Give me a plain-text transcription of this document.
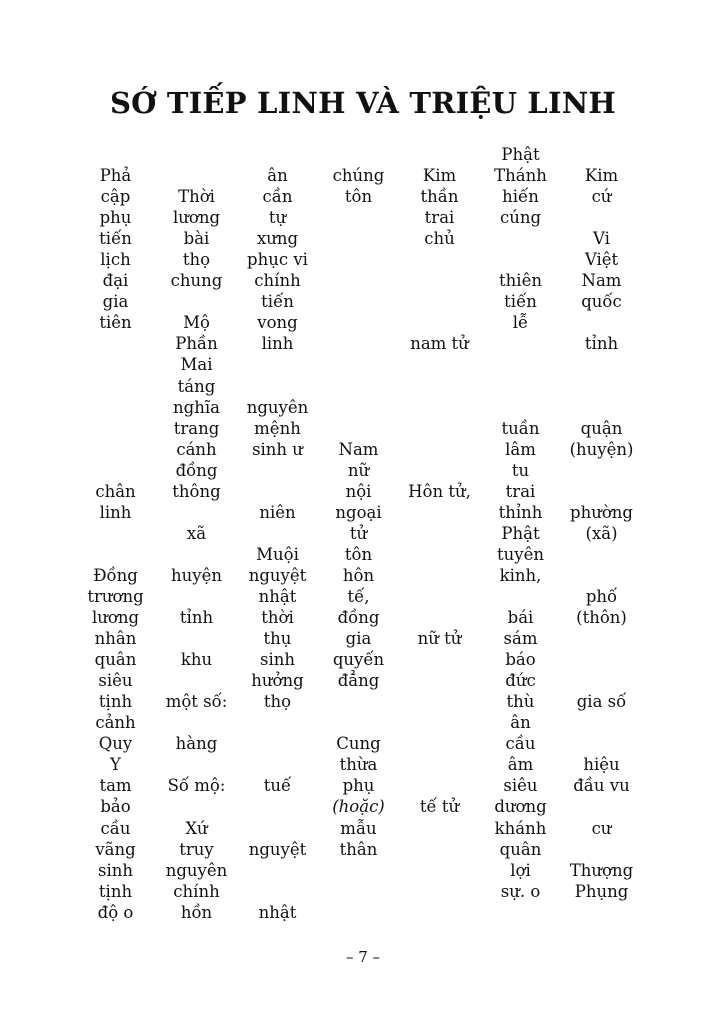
SỚ TIẾP LINH VÀ TRIỆU LINH
Phả
cập
phụ
tiến
lịch
đại
gia
tiên
chân
linh
Đồng
trương
lương
nhân
quân
siêu
tịnh
cảnh
Quy
Y
tam
bảo
cầu
vãng
sinh
tịnh
độ o
Thời
lương
bài
thọ
chung
Mộ
Phần
Mai
táng
nghĩa
trang
cánh
đồng
thông
xã
huyện
tỉnh
khu
một số:
hàng
Số mộ:
Xứ
truy
nguyên
chính
hồn
ân
cần
tự
xưng
phục vi
chính
tiến
vong
linh
nguyên
mệnh
sinh ư
niên
Muội
nguyệt
nhật
thời
thụ
sinh
hưởng
thọ
tuế
nguyệt
nhật
chúng
tôn
Nam
nữ
nội
ngoại
tử
tôn
hôn
tế,
đồng
gia
quyến
đẳng
Cung
thừa
phụ
(hoặc)
mẫu
thân
Kim
thần
trai
chủ
nam tử
Hôn tử,
nữ tử
tế tử
Phật
Thánh
hiến
cúng
thiên
tiến
lễ
tuần
lâm
tu
trai
thỉnh
Phật
tuyên
kinh,
bái
sám
báo
đức
thù
ân
cầu
âm
siêu
dương
khánh
quân
lợi
sự. o
Kim
cứ
Vi
Việt
Nam
quốc
tỉnh
quận
(huyện)
phường
(xã)
phố
(thôn)
gia số
hiệu
đầu vu
cư
Thượng
Phụng
– 7 –
